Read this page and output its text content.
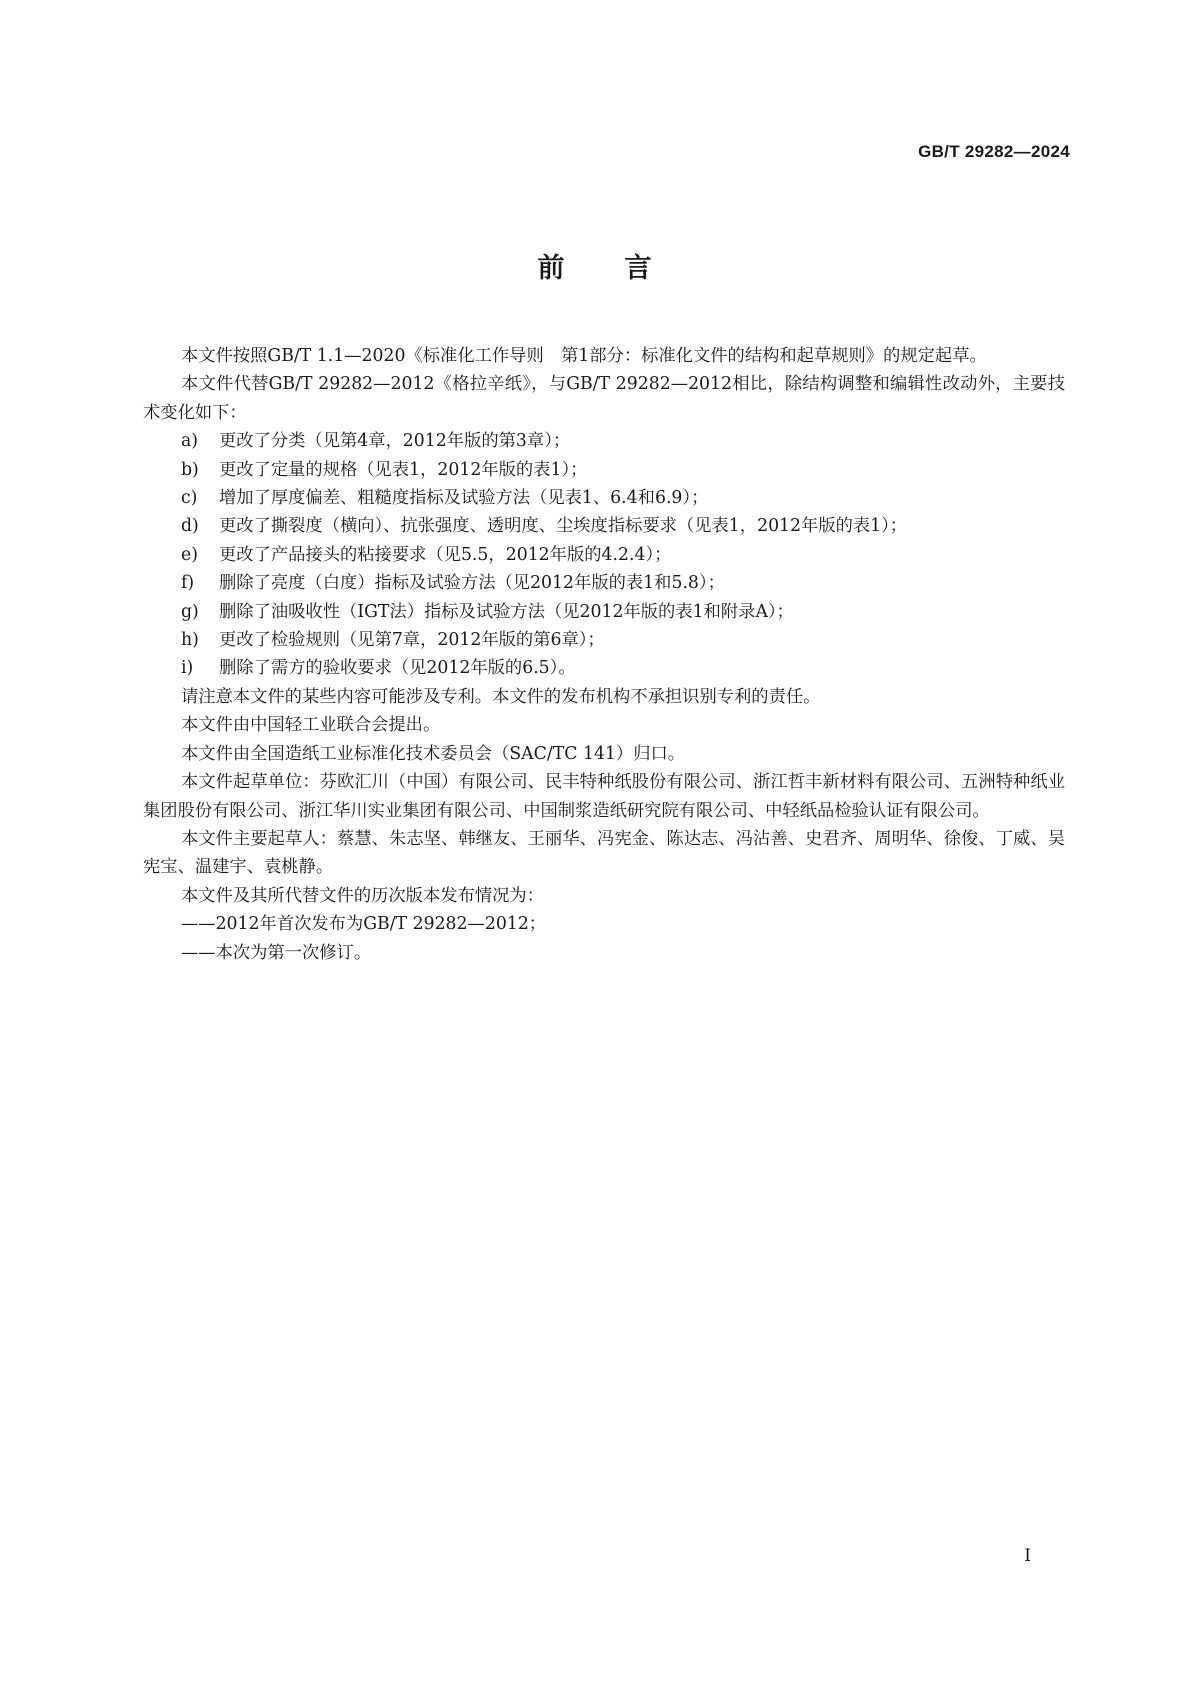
GB/T 29282—2024
前 言

本文件按照GB/T 1.1—2020《标准化工作导则　第1部分：标准化文件的结构和起草规则》的规定起草。

本文件代替GB/T 29282—2012《格拉辛纸》，与GB/T 29282—2012相比，除结构调整和编辑性改动外，主要技术变化如下：

a)	更改了分类（见第4章，2012年版的第3章）；
b)	更改了定量的规格（见表1，2012年版的表1）；
c)	增加了厚度偏差、粗糙度指标及试验方法（见表1、6.4和6.9）；
d)	更改了撕裂度（横向）、抗张强度、透明度、尘埃度指标要求（见表1，2012年版的表1）；
e)	更改了产品接头的粘接要求（见5.5，2012年版的4.2.4）；
f)	删除了亮度（白度）指标及试验方法（见2012年版的表1和5.8）；
g)	删除了油吸收性（IGT法）指标及试验方法（见2012年版的表1和附录A）；
h)	更改了检验规则（见第7章，2012年版的第6章）；
i)	删除了需方的验收要求（见2012年版的6.5）。

请注意本文件的某些内容可能涉及专利。本文件的发布机构不承担识别专利的责任。

本文件由中国轻工业联合会提出。

本文件由全国造纸工业标准化技术委员会（SAC/TC 141）归口。

本文件起草单位：芬欧汇川（中国）有限公司、民丰特种纸股份有限公司、浙江哲丰新材料有限公司、五洲特种纸业集团股份有限公司、浙江华川实业集团有限公司、中国制浆造纸研究院有限公司、中轻纸品检验认证有限公司。

本文件主要起草人：蔡慧、朱志坚、韩继友、王丽华、冯宪金、陈达志、冯沾善、史君齐、周明华、徐俊、丁威、吴宪宝、温建宇、袁桃静。

本文件及其所代替文件的历次版本发布情况为：

——2012年首次发布为GB/T 29282—2012；
——本次为第一次修订。
I
